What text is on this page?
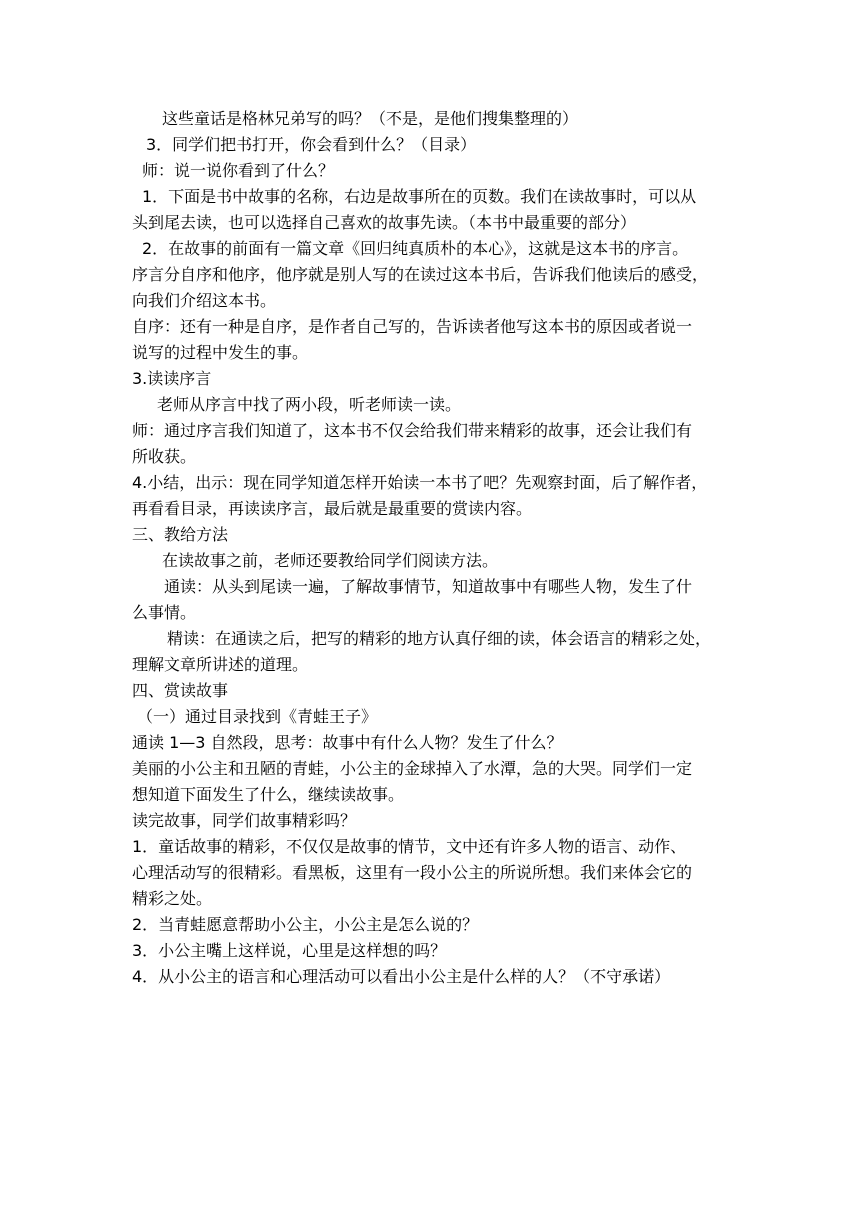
这些童话是格林兄弟写的吗？（不是，是他们搜集整理的）
3．同学们把书打开，你会看到什么？（目录）
师：说一说你看到了什么？
1．下面是书中故事的名称，右边是故事所在的页数。我们在读故事时，可以从
头到尾去读，也可以选择自己喜欢的故事先读。（本书中最重要的部分）
2．在故事的前面有一篇文章《回归纯真质朴的本心》，这就是这本书的序言。
序言分自序和他序，他序就是别人写的在读过这本书后，告诉我们他读后的感受，
向我们介绍这本书。
自序：还有一种是自序，是作者自己写的，告诉读者他写这本书的原因或者说一
说写的过程中发生的事。
3.读读序言
老师从序言中找了两小段，听老师读一读。
师：通过序言我们知道了，这本书不仅会给我们带来精彩的故事，还会让我们有
所收获。
4.小结，出示：现在同学知道怎样开始读一本书了吧？先观察封面，后了解作者，
再看看目录，再读读序言，最后就是最重要的赏读内容。
三、教给方法
在读故事之前，老师还要教给同学们阅读方法。
通读：从头到尾读一遍，了解故事情节，知道故事中有哪些人物，发生了什
么事情。
精读：在通读之后，把写的精彩的地方认真仔细的读，体会语言的精彩之处，
理解文章所讲述的道理。
四、赏读故事
（一）通过目录找到《青蛙王子》
通读 1—3 自然段，思考：故事中有什么人物？发生了什么？
美丽的小公主和丑陋的青蛙，小公主的金球掉入了水潭，急的大哭。同学们一定
想知道下面发生了什么，继续读故事。
读完故事，同学们故事精彩吗？
1．童话故事的精彩，不仅仅是故事的情节，文中还有许多人物的语言、动作、
心理活动写的很精彩。看黑板，这里有一段小公主的所说所想。我们来体会它的
精彩之处。
2．当青蛙愿意帮助小公主，小公主是怎么说的？
3．小公主嘴上这样说，心里是这样想的吗？
4．从小公主的语言和心理活动可以看出小公主是什么样的人？（不守承诺）
